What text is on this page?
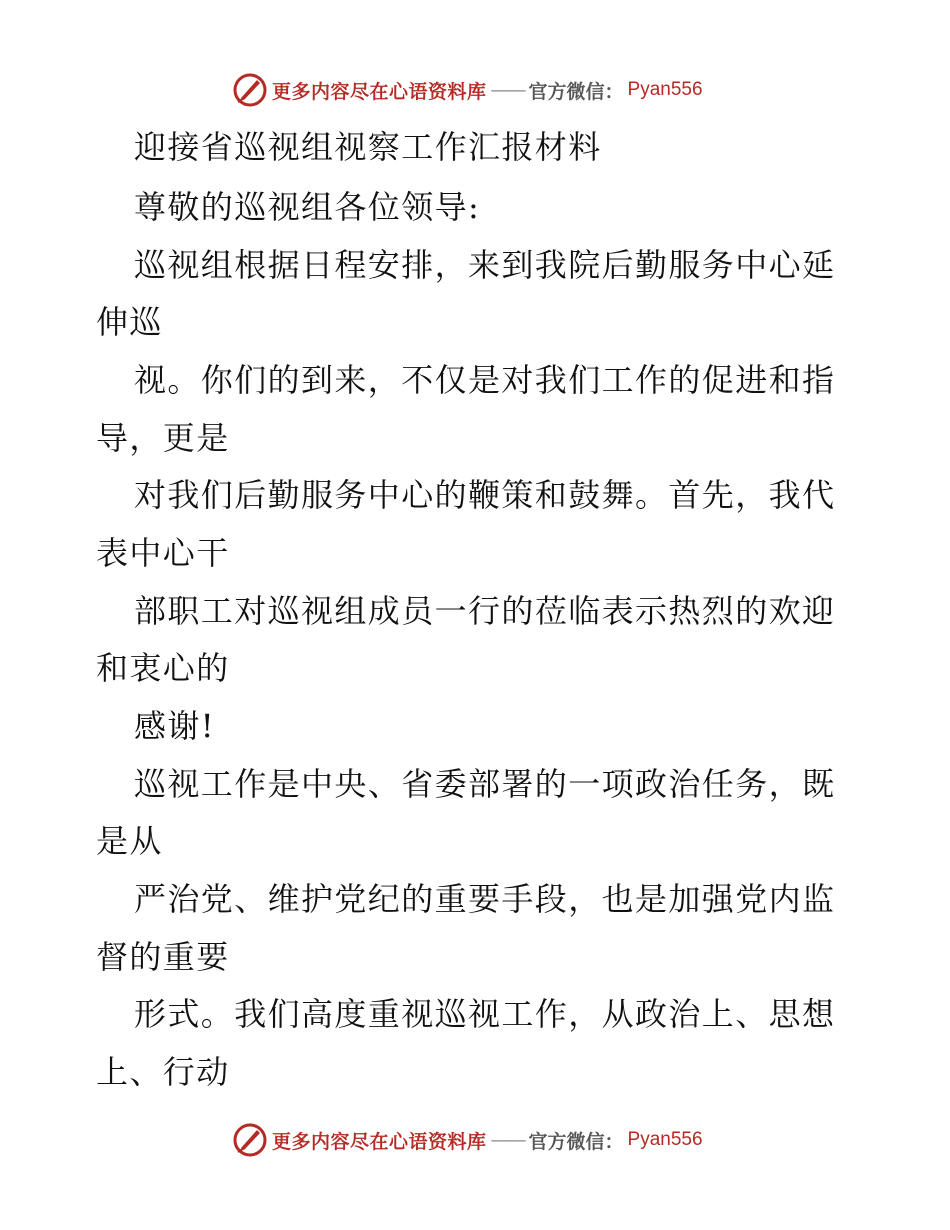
更多内容尽在心语资料库 —— 官方微信： Pyan556
迎接省巡视组视察工作汇报材料
尊敬的巡视组各位领导:
巡视组根据日程安排，来到我院后勤服务中心延
伸巡
视。你们的到来，不仅是对我们工作的促进和指
导，更是
对我们后勤服务中心的鞭策和鼓舞。首先，我代
表中心干
部职工对巡视组成员一行的莅临表示热烈的欢迎
和衷心的
感谢!
巡视工作是中央、省委部署的一项政治任务，既
是从
严治党、维护党纪的重要手段，也是加强党内监
督的重要
形式。我们高度重视巡视工作，从政治上、思想
上、行动
更多内容尽在心语资料库 —— 官方微信： Pyan556
